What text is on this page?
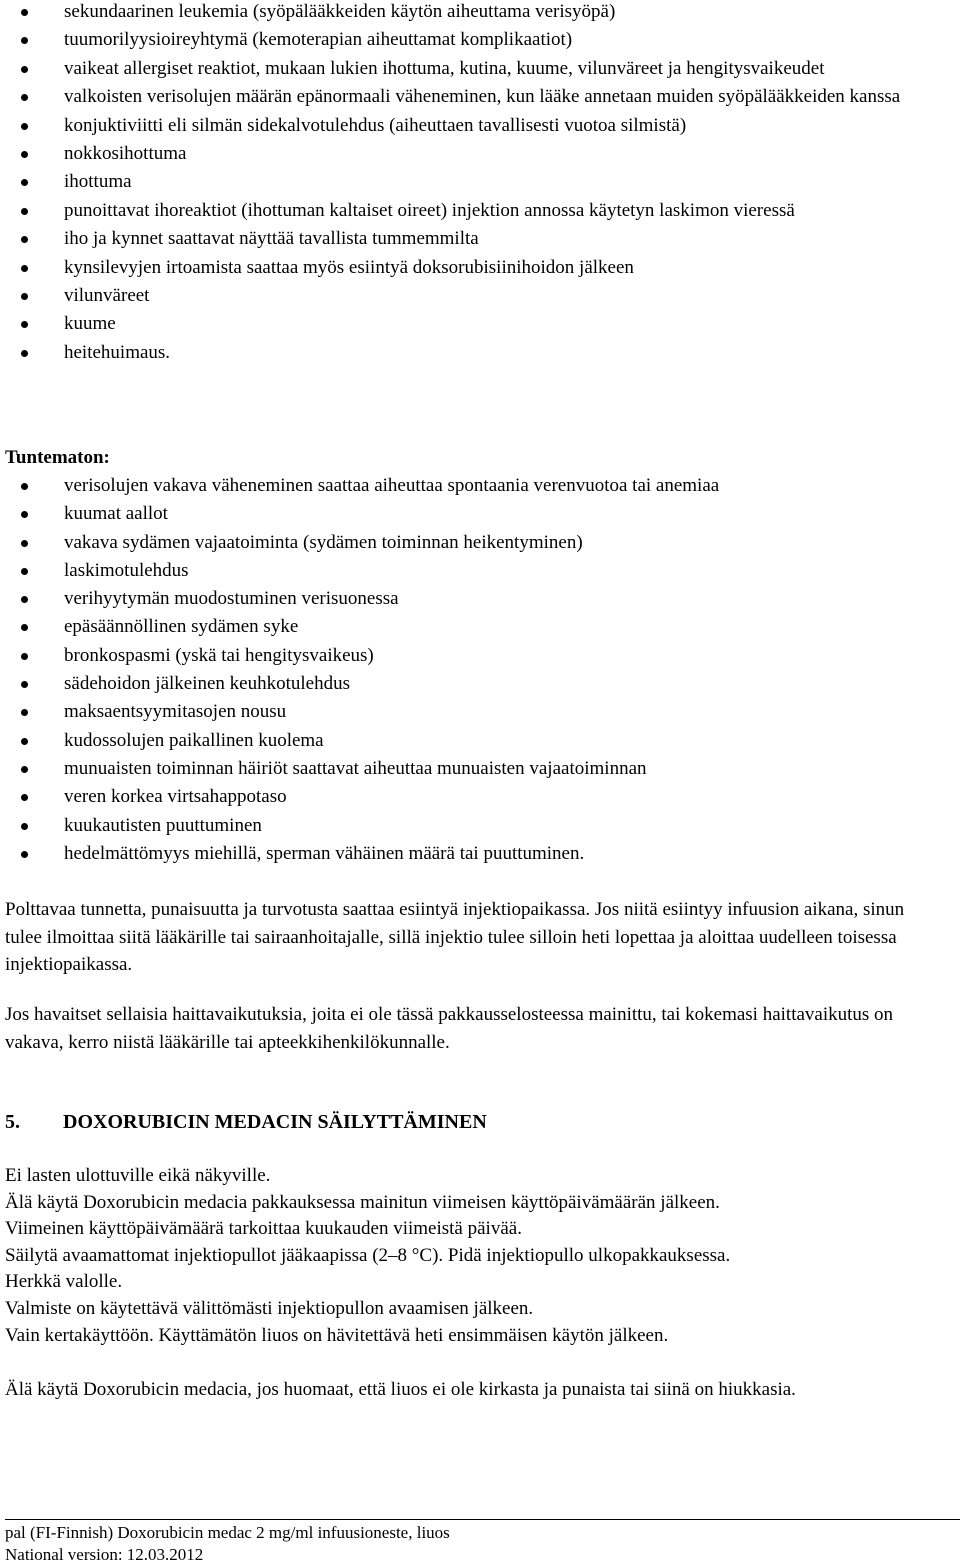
sekundaarinen leukemia (syöpälääkkeiden käytön aiheuttama verisyöpä)
tuumorilyysioireyhtymä (kemoterapian aiheuttamat komplikaatiot)
vaikeat allergiset reaktiot, mukaan lukien ihottuma, kutina, kuume, vilunväreet ja hengitysvaikeudet
valkoisten verisolujen määrän epänormaali väheneminen, kun lääke annetaan muiden syöpälääkkeiden kanssa
konjuktiviitti eli silmän sidekalvotulehdus (aiheuttaen tavallisesti vuotoa silmistä)
nokkosihottuma
ihottuma
punoittavat ihoreaktiot (ihottuman kaltaiset oireet) injektion annossa käytetyn laskimon vieressä
iho ja kynnet saattavat näyttää tavallista tummemmilta
kynsilevyjen irtoamista saattaa myös esiintyä doksorubisiinihoidon jälkeen
vilunväreet
kuume
heitehuimaus.
Tuntematon:
verisolujen vakava väheneminen saattaa aiheuttaa spontaania verenvuotoa tai anemiaa
kuumat aallot
vakava sydämen vajaatoiminta (sydämen toiminnan heikentyminen)
laskimotulehdus
verihyytymän muodostuminen verisuonessa
epäsäännöllinen sydämen syke
bronkospasmi (yskä tai hengitysvaikeus)
sädehoidon jälkeinen keuhkotulehdus
maksaentsyymitasojen nousu
kudossolujen paikallinen kuolema
munuaisten toiminnan häiriöt saattavat aiheuttaa munuaisten vajaatoiminnan
veren korkea virtsahappotaso
kuukautisten puuttuminen
hedelmättömyys miehillä, sperman vähäinen määrä tai puuttuminen.

Polttavaa tunnetta, punaisuutta ja turvotusta saattaa esiintyä injektiopaikassa. Jos niitä esiintyy infuusion aikana, sinun tulee ilmoittaa siitä lääkärille tai sairaanhoitajalle, sillä injektio tulee silloin heti lopettaa ja aloittaa uudelleen toisessa injektiopaikassa.

Jos havaitset sellaisia haittavaikutuksia, joita ei ole tässä pakkausselosteessa mainittu, tai kokemasi haittavaikutus on vakava, kerro niistä lääkärille tai apteekkihenkilökunnalle.

5. DOXORUBICIN MEDACIN SÄILYTTÄMINEN
Ei lasten ulottuville eikä näkyville.
Älä käytä Doxorubicin medacia pakkauksessa mainitun viimeisen käyttöpäivämäärän jälkeen.
Viimeinen käyttöpäivämäärä tarkoittaa kuukauden viimeistä päivää.
Säilytä avaamattomat injektiopullot jääkaapissa (2–8 °C). Pidä injektiopullo ulkopakkauksessa.
Herkkä valolle.
Valmiste on käytettävä välittömästi injektiopullon avaamisen jälkeen.
Vain kertakäyttöön. Käyttämätön liuos on hävitettävä heti ensimmäisen käytön jälkeen.

Älä käytä Doxorubicin medacia, jos huomaat, että liuos ei ole kirkasta ja punaista tai siinä on hiukkasia.

pal (FI-Finnish) Doxorubicin medac 2 mg/ml infuusioneste, liuos
National version: 12.03.2012
